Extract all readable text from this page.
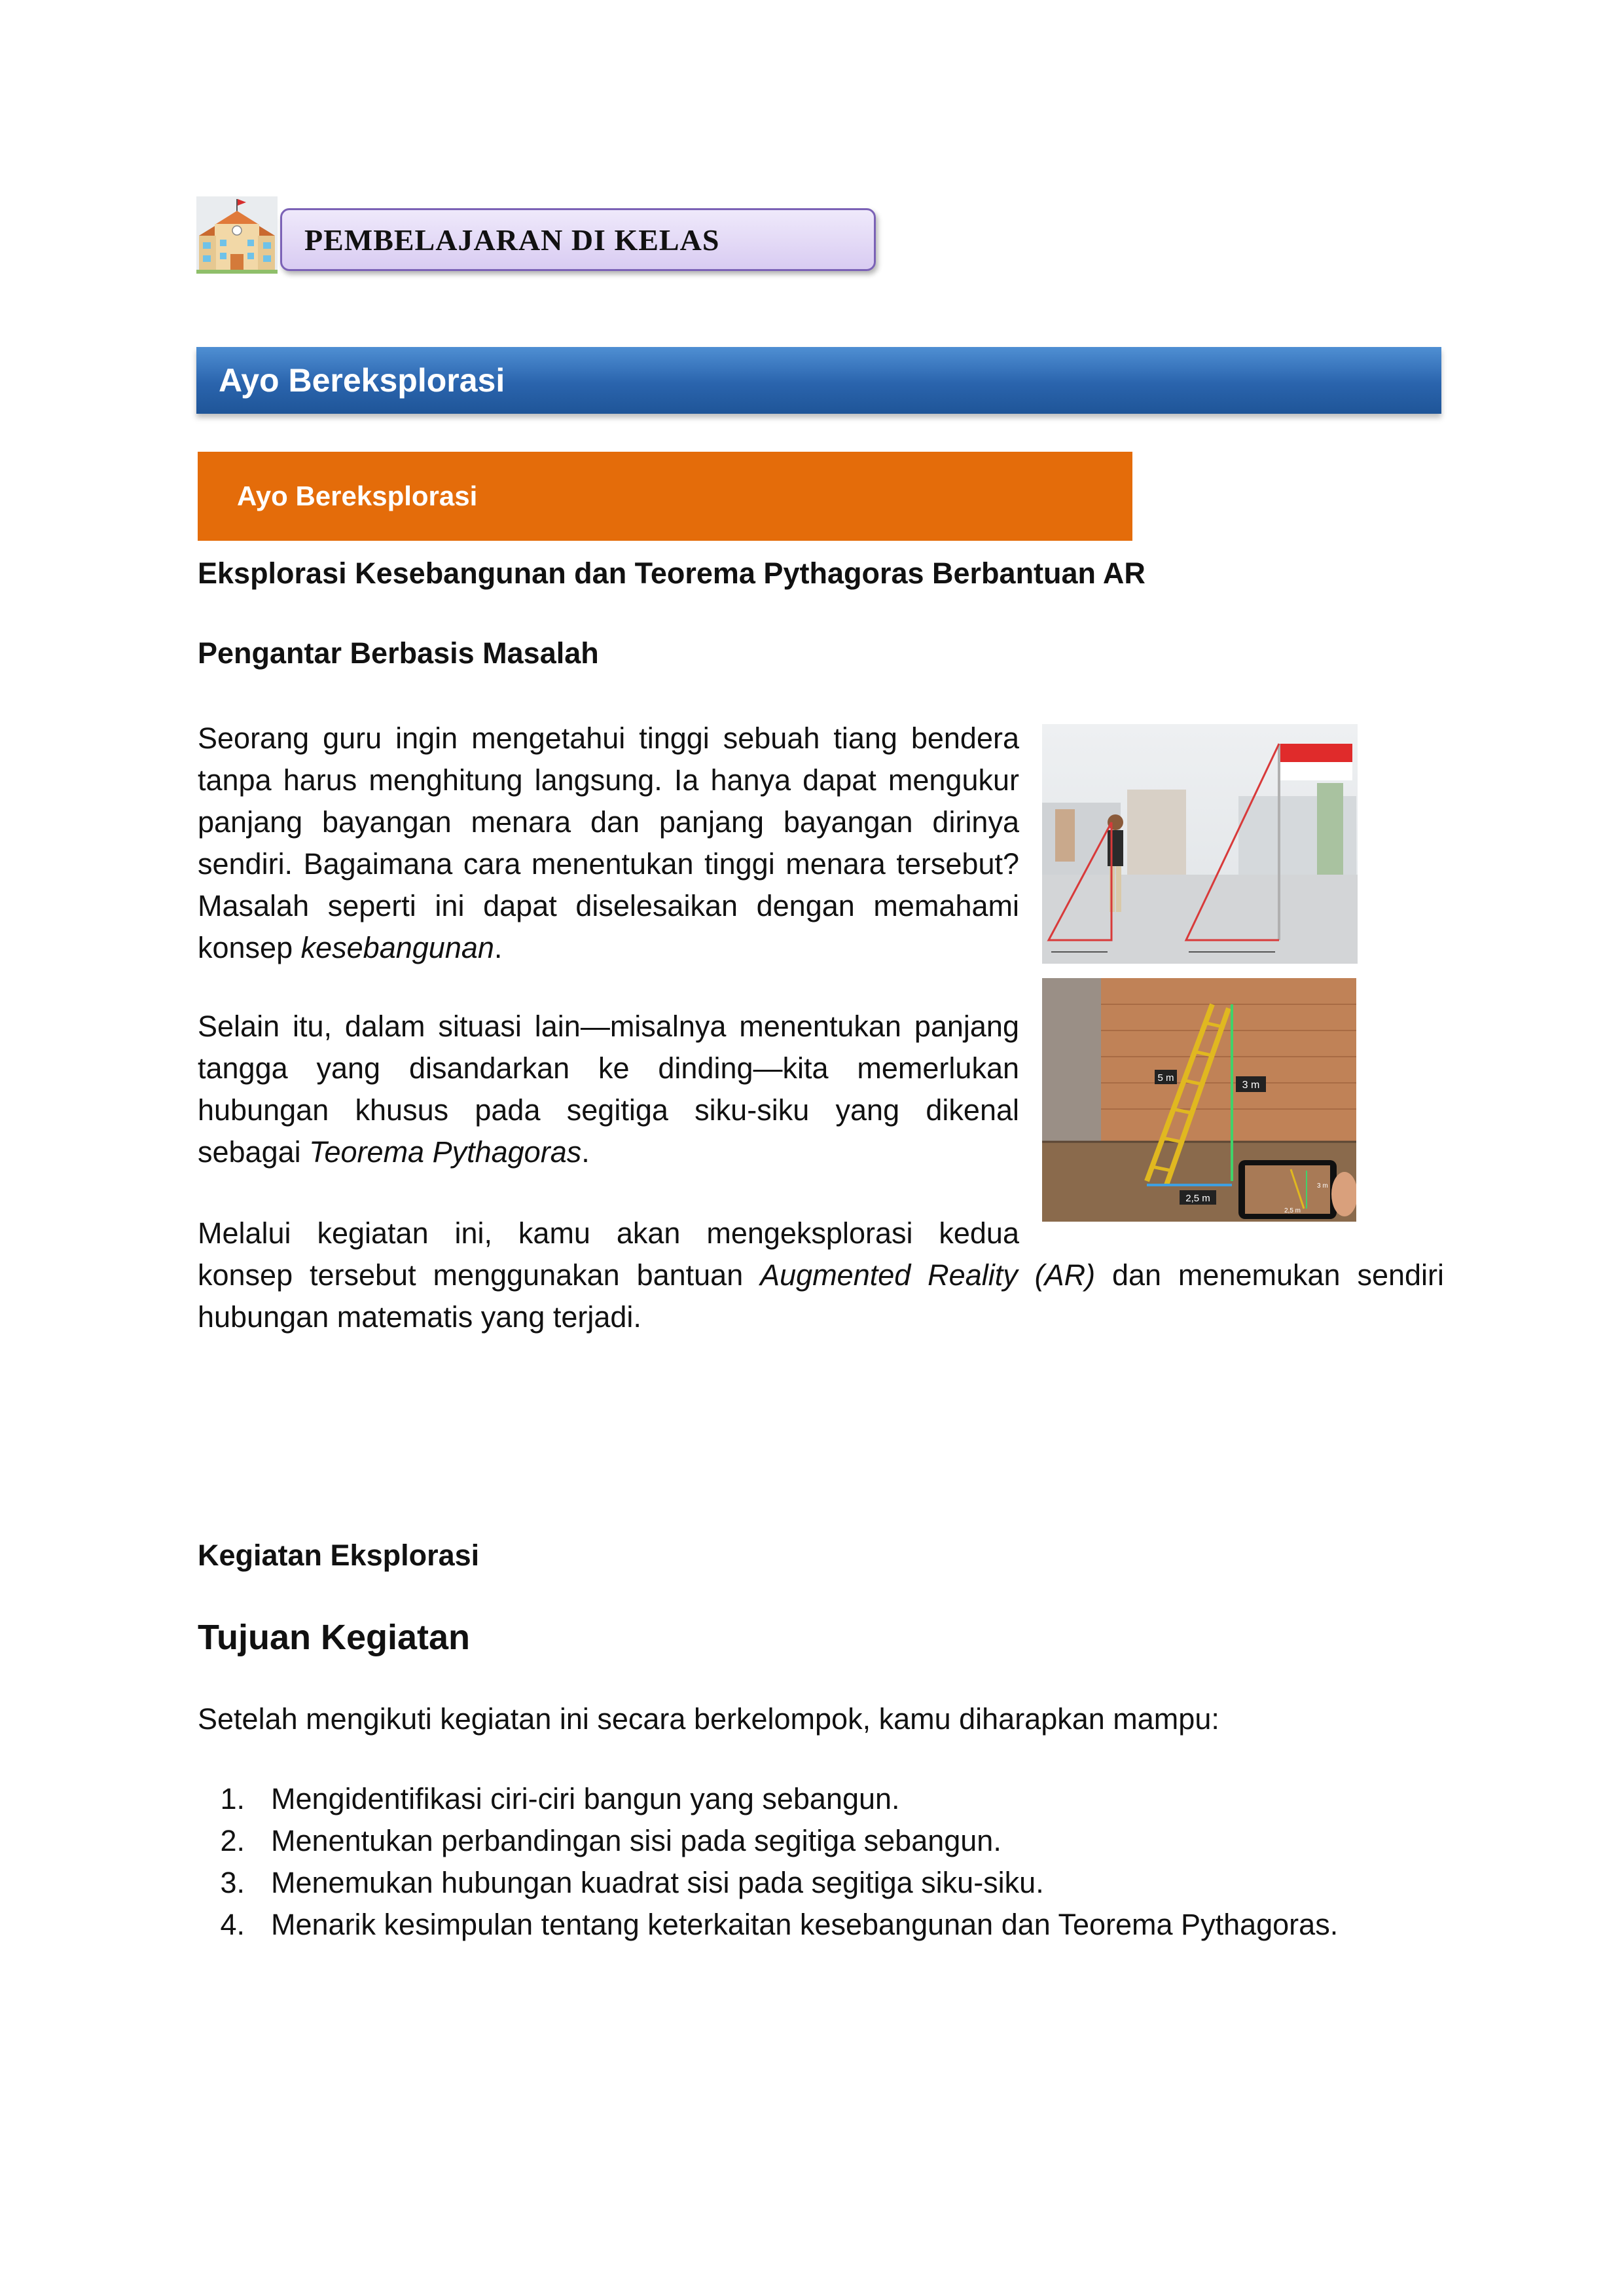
PEMBELAJARAN DI KELAS
Ayo Bereksplorasi
Ayo Bereksplorasi
Eksplorasi Kesebangunan dan Teorema Pythagoras Berbantuan AR
Pengantar Berbasis Masalah
Seorang guru ingin mengetahui tinggi sebuah tiang bendera tanpa harus menghitung langsung. Ia hanya dapat mengukur panjang bayangan menara dan panjang bayangan dirinya sendiri. Bagaimana cara menentukan tinggi menara tersebut? Masalah seperti ini dapat diselesaikan dengan memahami konsep kesebangunan.
Selain itu, dalam situasi lain—misalnya menentukan panjang tangga yang disandarkan ke dinding—kita memerlukan hubungan khusus pada segitiga siku-siku yang dikenal sebagai Teorema Pythagoras.
Melalui kegiatan ini, kamu akan mengeksplorasi kedua
konsep tersebut menggunakan bantuan Augmented Reality (AR) dan menemukan sendiri hubungan matematis yang terjadi.
3 m
5 m
2,5 m
3 m
2,5 m
Kegiatan Eksplorasi
Tujuan Kegiatan
Setelah mengikuti kegiatan ini secara berkelompok, kamu diharapkan mampu:
1. Mengidentifikasi ciri-ciri bangun yang sebangun.
2. Menentukan perbandingan sisi pada segitiga sebangun.
3. Menemukan hubungan kuadrat sisi pada segitiga siku-siku.
4. Menarik kesimpulan tentang keterkaitan kesebangunan dan Teorema Pythagoras.
